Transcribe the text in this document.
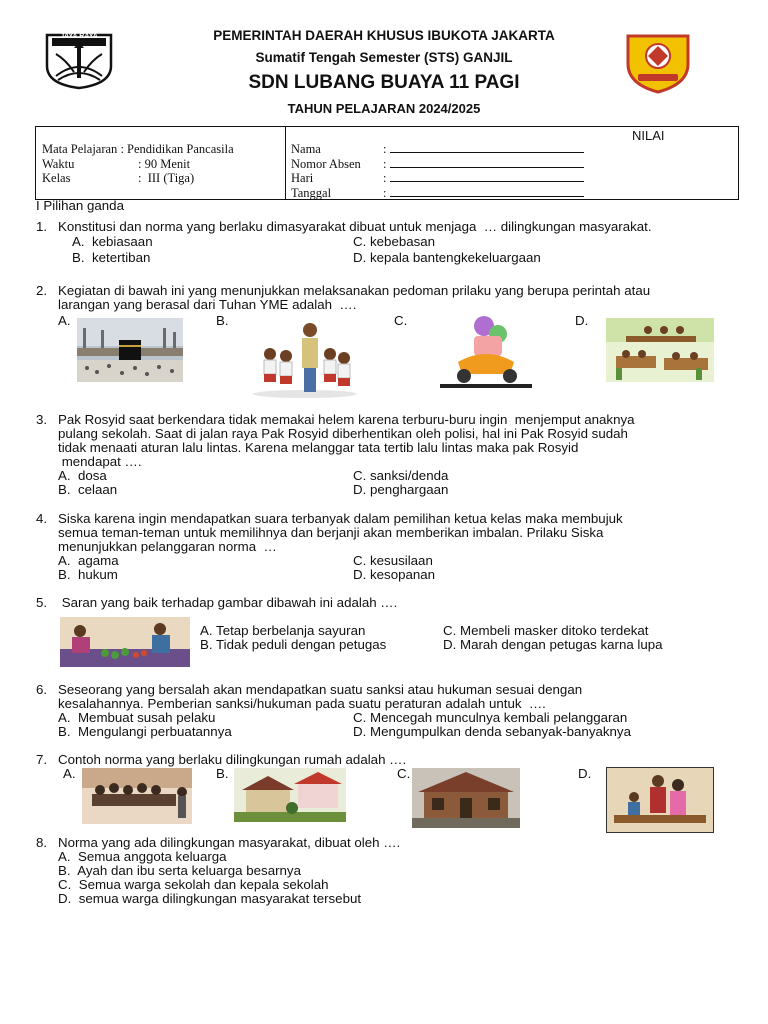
JAYA RAYA	PEMERINTAH DAERAH KHUSUS IBUKOTA JAKARTA
Sumatif Tengah Semester (STS) GANJIL
SDN LUBANG BUAYA 11 PAGI
TAHUN PELAJARAN 2024/2025
NILAI
Mata Pelajaran : Pendidikan Pancasila
Waktu	: 90 Menit
Kelas	: III (Tiga)
Nama	:
Nomor Absen :
Hari	:
Tanggal	:
I Pilihan ganda
1. Konstitusi dan norma yang berlaku dimasyarakat dibuat untuk menjaga  … dilingkungan masyarakat.
A. kebiasaan	C. kebebasan
B. ketertiban	D. kepala bantengkekeluargaan
2. Kegiatan di bawah ini yang menunjukkan melaksanakan pedoman prilaku yang berupa perintah atau
larangan yang berasal dari Tuhan YME adalah  ….
A.	B.	C.	D.
3. Pak Rosyid saat berkendara tidak memakai helem karena terburu-buru ingin  menjemput anaknya
pulang sekolah. Saat di jalan raya Pak Rosyid diberhentikan oleh polisi, hal ini Pak Rosyid sudah
tidak menaati aturan lalu lintas. Karena melanggar tata tertib lalu lintas maka pak Rosyid
mendapat ….
A. dosa	C. sanksi/denda
B. celaan	D. penghargaan
4. Siska karena ingin mendapatkan suara terbanyak dalam pemilihan ketua kelas maka membujuk
semua teman-teman untuk memilihnya dan berjanji akan memberikan imbalan. Prilaku Siska
menunjukkan pelanggaran norma  …
A. agama	C. kesusilaan
B. hukum	D. kesopanan
5. Saran yang baik terhadap gambar dibawah ini adalah ….
A. Tetap berbelanja sayuran	C. Membeli masker ditoko terdekat
B. Tidak peduli dengan petugas	D. Marah dengan petugas karna lupa
6. Seseorang yang bersalah akan mendapatkan suatu sanksi atau hukuman sesuai dengan
kesalahannya. Pemberian sanksi/hukuman pada suatu peraturan adalah untuk  ….
A. Membuat susah pelaku	C. Mencegah munculnya kembali pelanggaran
B. Mengulangi perbuatannya	D. Mengumpulkan denda sebanyak-banyaknya
7. Contoh norma yang berlaku dilingkungan rumah adalah ….
A.	B.	C.	D.
8. Norma yang ada dilingkungan masyarakat, dibuat oleh ….
A. Semua anggota keluarga
B. Ayah dan ibu serta keluarga besarnya
C. Semua warga sekolah dan kepala sekolah
D. semua warga dilingkungan masyarakat tersebut
